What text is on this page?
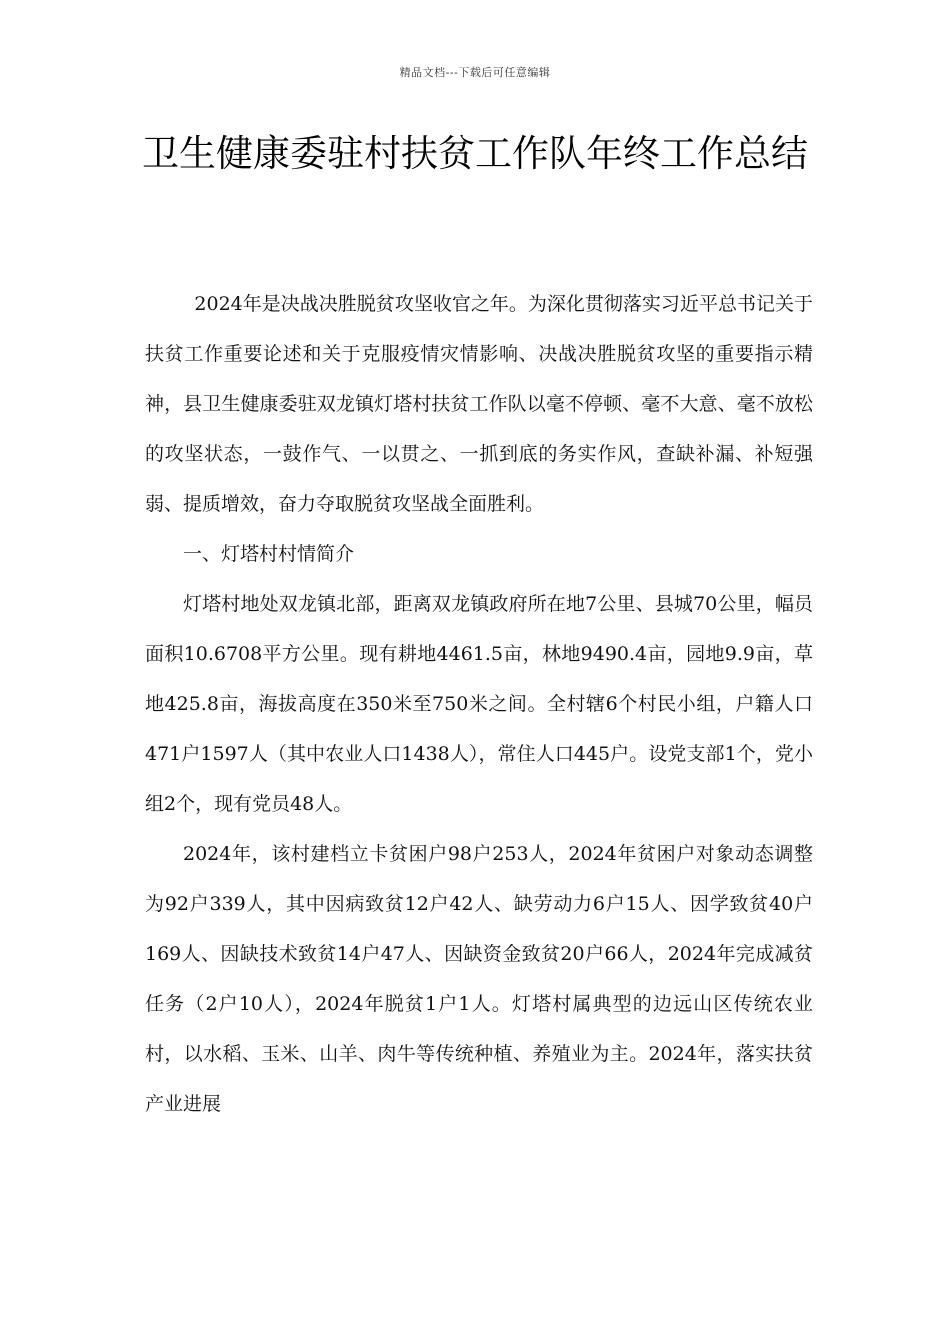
精品文档---下载后可任意编辑
卫生健康委驻村扶贫工作队年终工作总结

2024年是决战决胜脱贫攻坚收官之年。为深化贯彻落实习近平总书记关于扶贫工作重要论述和关于克服疫情灾情影响、决战决胜脱贫攻坚的重要指示精神，县卫生健康委驻双龙镇灯塔村扶贫工作队以毫不停顿、毫不大意、毫不放松的攻坚状态，一鼓作气、一以贯之、一抓到底的务实作风，查缺补漏、补短强弱、提质增效，奋力夺取脱贫攻坚战全面胜利。

一、灯塔村村情简介

灯塔村地处双龙镇北部，距离双龙镇政府所在地7公里、县城70公里，幅员面积10.6708平方公里。现有耕地4461.5亩，林地9490.4亩，园地9.9亩，草地425.8亩，海拔高度在350米至750米之间。全村辖6个村民小组，户籍人口471户1597人（其中农业人口1438人），常住人口445户。设党支部1个，党小组2个，现有党员48人。

2024年，该村建档立卡贫困户98户253人，2024年贫困户对象动态调整为92户339人，其中因病致贫12户42人、缺劳动力6户15人、因学致贫40户169人、因缺技术致贫14户47人、因缺资金致贫20户66人，2024年完成减贫任务（2户10人），2024年脱贫1户1人。灯塔村属典型的边远山区传统农业村，以水稻、玉米、山羊、肉牛等传统种植、养殖业为主。2024年，落实扶贫产业进展
